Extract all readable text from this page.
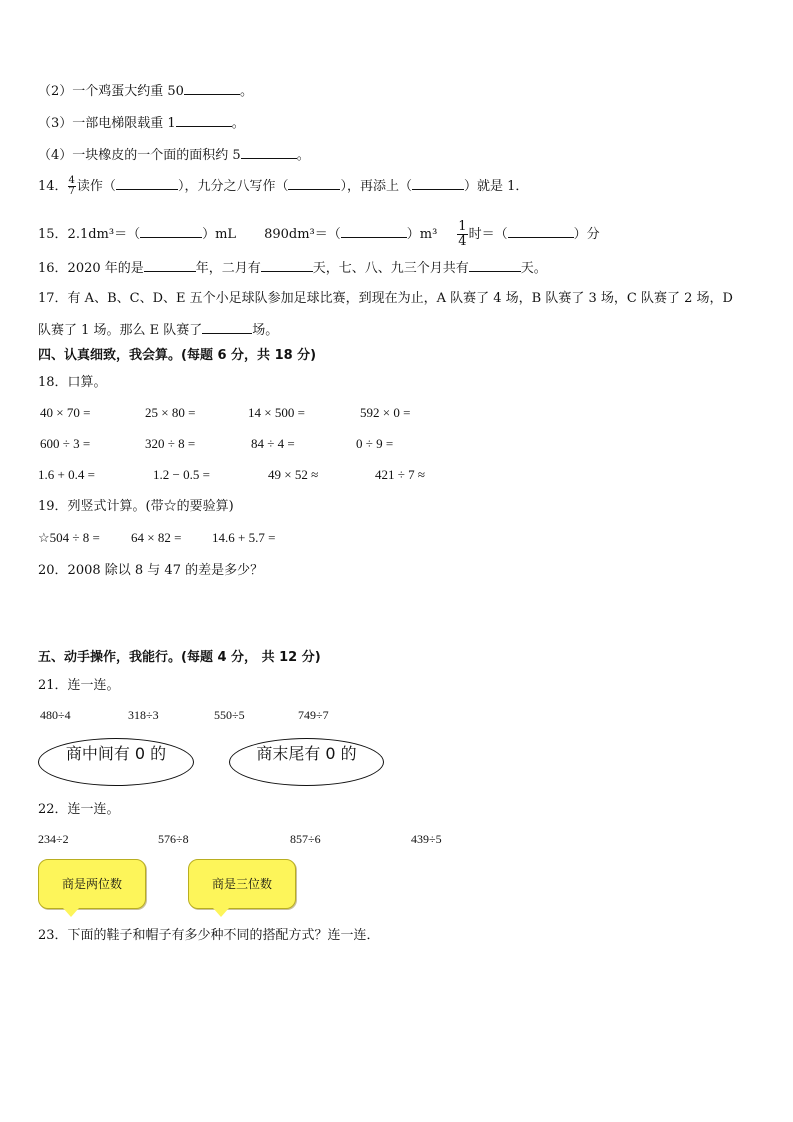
（2）一个鸡蛋大约重 50	。
（3）一部电梯限载重 1	。
（4）一块橡皮的一个面的面积约 5	。
14． $\frac{4}{7}$ 读作（	），九分之八写作（	），再添上（	）就是 1．
15．2.1dm³＝（	）mL 890dm³＝（	）$m^3 \frac{1}{4}$ 时＝（	）分
16．2020 年的是	年，二月有	天，七、八、九三个月共有	天。
17．有 A、B、C、D、E 五个小足球队参加足球比赛，到现在为止，A 队赛了 4 场，B 队赛了 3 场，C 队赛了 2 场，D
队赛了 1 场。那么 E 队赛了	场。
四、认真细致，我会算。(每题 6 分，共 18 分)
18．口算。
40 × 70 =	25 × 80 =	14 × 500 =	592 × 0 =
600 ÷ 3 =	320 ÷ 8 =	84 ÷ 4 =	0 ÷ 9 =
1.6 + 0.4 =	1.2 − 0.5 =	49 × 52 ≈	421 ÷ 7 ≈
19．列竖式计算。(带☆的要验算)
☆504 ÷ 8 = 64 × 82 = 14.6 + 5.7 =
20．2008 除以 8 与 47 的差是多少？
五、动手操作，我能行。(每题 4 分， 共 12 分)
21．连一连。
480÷4	318÷3	550÷5	749÷7
商中间有 0 的	商末尾有 0 的
22．连一连。
234÷2	576÷8	857÷6	439÷5
商是两位数	商是三位数
23．下面的鞋子和帽子有多少种不同的搭配方式？连一连．
